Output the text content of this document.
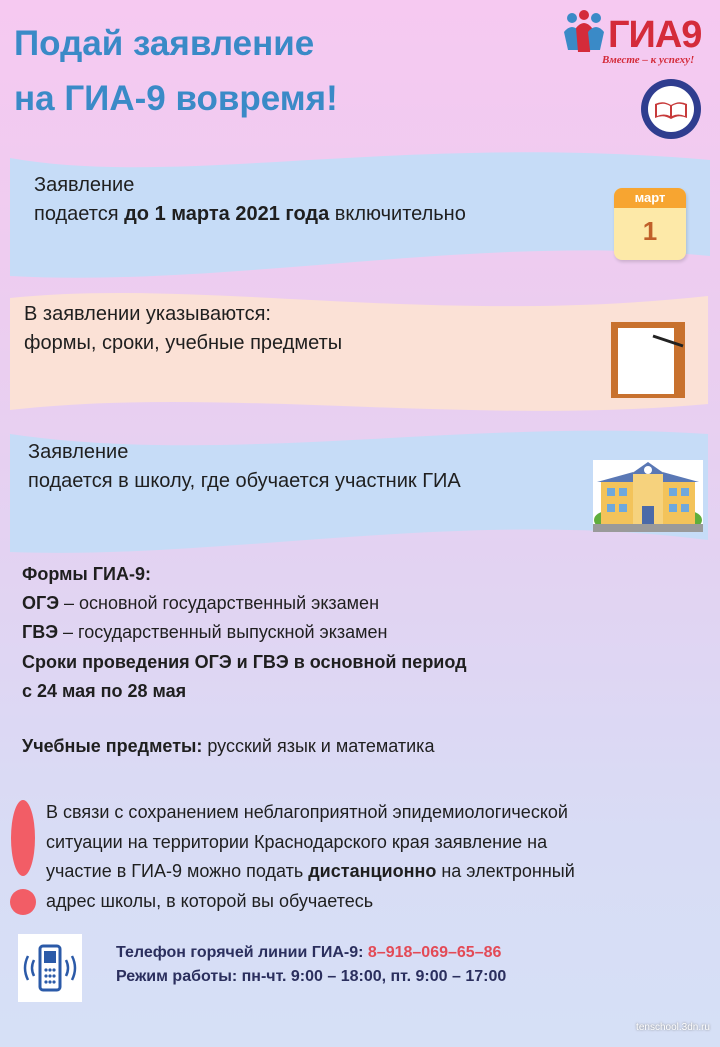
Подай заявление
на ГИА-9 вовремя!
ГИА9
Вместе – к успеху!
Заявление
подается до 1 марта 2021 года включительно
март
1
В заявлении указываются:
формы, сроки, учебные предметы
Заявление
подается в школу, где обучается участник ГИА
Формы ГИА-9:
ОГЭ – основной государственный экзамен
ГВЭ – государственный выпускной экзамен
Сроки проведения ОГЭ и ГВЭ в основной период
с 24 мая по 28 мая
Учебные предметы: русский язык и математика
В связи с сохранением неблагоприятной эпидемиологической
ситуации на территории Краснодарского края заявление на
участие в ГИА-9 можно подать дистанционно на электронный
адрес школы, в которой вы обучаетесь
Телефон горячей линии ГИА-9: 8–918–069–65–86
Режим работы: пн-чт. 9:00 – 18:00, пт. 9:00 – 17:00
tenschool.3dn.ru
